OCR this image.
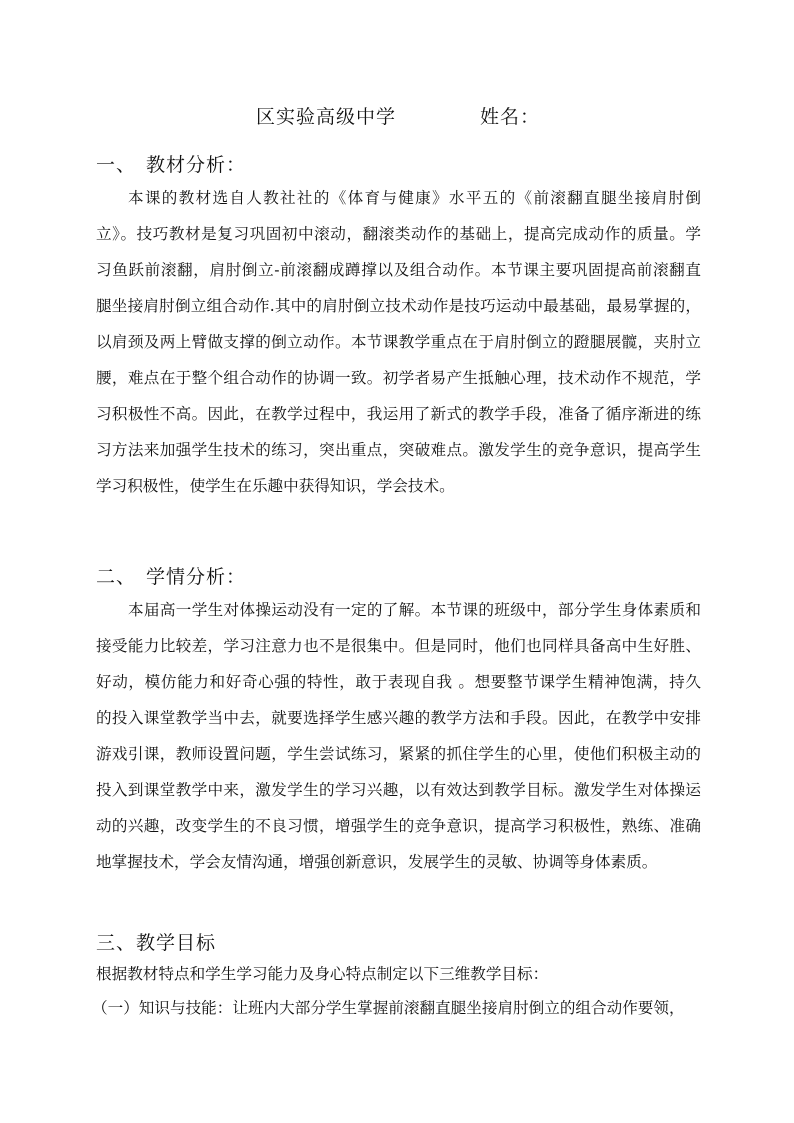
区实验高级中学	姓名：
一、 教材分析：
本课的教材选自人教社社的《体育与健康》水平五的《前滚翻直腿坐接肩肘倒
立》。技巧教材是复习巩固初中滚动，翻滚类动作的基础上，提高完成动作的质量。学
习鱼跃前滚翻，肩肘倒立-前滚翻成蹲撑以及组合动作。本节课主要巩固提高前滚翻直
腿坐接肩肘倒立组合动作.其中的肩肘倒立技术动作是技巧运动中最基础，最易掌握的，
以肩颈及两上臂做支撑的倒立动作。本节课教学重点在于肩肘倒立的蹬腿展髋，夹肘立
腰，难点在于整个组合动作的协调一致。初学者易产生抵触心理，技术动作不规范，学
习积极性不高。因此，在教学过程中，我运用了新式的教学手段，准备了循序渐进的练
习方法来加强学生技术的练习，突出重点，突破难点。激发学生的竞争意识，提高学生
学习积极性，使学生在乐趣中获得知识，学会技术。
二、 学情分析：
本届高一学生对体操运动没有一定的了解。本节课的班级中，部分学生身体素质和
接受能力比较差，学习注意力也不是很集中。但是同时，他们也同样具备高中生好胜、
好动，模仿能力和好奇心强的特性，敢于表现自我 。想要整节课学生精神饱满，持久
的投入课堂教学当中去，就要选择学生感兴趣的教学方法和手段。因此，在教学中安排
游戏引课，教师设置问题，学生尝试练习，紧紧的抓住学生的心里，使他们积极主动的
投入到课堂教学中来，激发学生的学习兴趣，以有效达到教学目标。激发学生对体操运
动的兴趣，改变学生的不良习惯，增强学生的竞争意识，提高学习积极性，熟练、准确
地掌握技术，学会友情沟通，增强创新意识，发展学生的灵敏、协调等身体素质。
三、教学目标
根据教材特点和学生学习能力及身心特点制定以下三维教学目标：
（一）知识与技能：让班内大部分学生掌握前滚翻直腿坐接肩肘倒立的组合动作要领，
